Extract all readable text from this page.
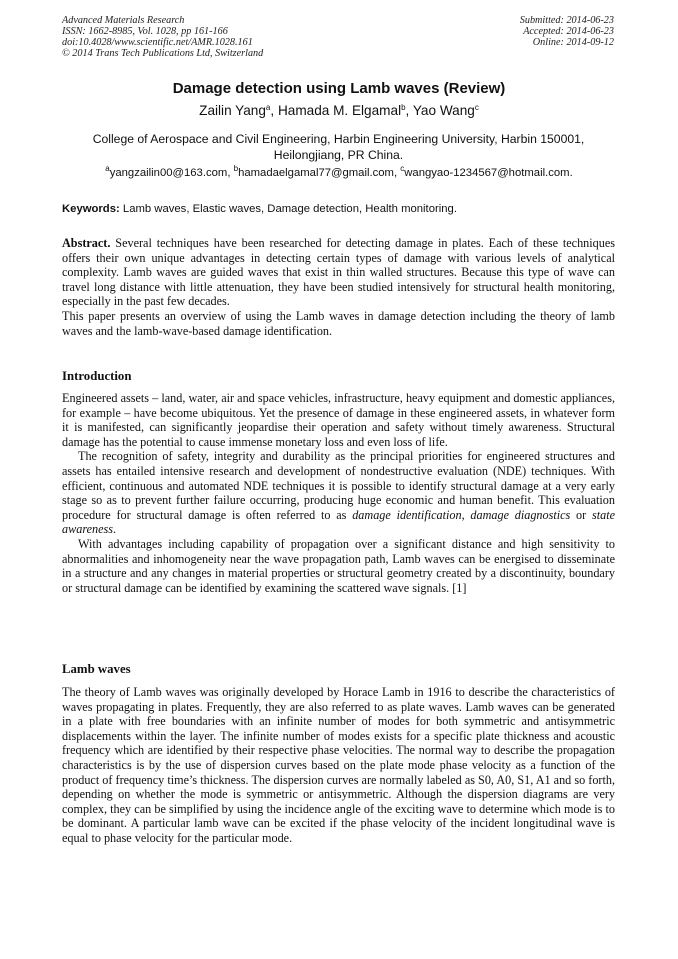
Advanced Materials Research
ISSN: 1662-8985, Vol. 1028, pp 161-166
doi:10.4028/www.scientific.net/AMR.1028.161
© 2014 Trans Tech Publications Ltd, Switzerland
Submitted: 2014-06-23
Accepted: 2014-06-23
Online: 2014-09-12
Damage detection using Lamb waves (Review)
Zailin Yang$^a$, Hamada M. Elgamal$^b$, Yao Wang$^c$
College of Aerospace and Civil Engineering, Harbin Engineering University, Harbin 150001, Heilongjiang, PR China.
$^a$yangzailin00@163.com, $^b$hamadaelgamal77@gmail.com, $^c$wangyao-1234567@hotmail.com.
Keywords: Lamb waves, Elastic waves, Damage detection, Health monitoring.

Abstract. Several techniques have been researched for detecting damage in plates. Each of these techniques offers their own unique advantages in detecting certain types of damage with various levels of analytical complexity. Lamb waves are guided waves that exist in thin walled structures. Because this type of wave can travel long distance with little attenuation, they have been studied intensively for structural health monitoring, especially in the past few decades.

This paper presents an overview of using the Lamb waves in damage detection including the theory of lamb waves and the lamb-wave-based damage identification.

Introduction

Engineered assets – land, water, air and space vehicles, infrastructure, heavy equipment and domestic appliances, for example – have become ubiquitous. Yet the presence of damage in these engineered assets, in whatever form it is manifested, can significantly jeopardise their operation and safety without timely awareness. Structural damage has the potential to cause immense monetary loss and even loss of life.

The recognition of safety, integrity and durability as the principal priorities for engineered structures and assets has entailed intensive research and development of nondestructive evaluation (NDE) techniques. With efficient, continuous and automated NDE techniques it is possible to identify structural damage at a very early stage so as to prevent further failure occurring, producing huge economic and human benefit. This evaluation procedure for structural damage is often referred to as damage identification, damage diagnostics or state awareness.

With advantages including capability of propagation over a significant distance and high sensitivity to abnormalities and inhomogeneity near the wave propagation path, Lamb waves can be energised to disseminate in a structure and any changes in material properties or structural geometry created by a discontinuity, boundary or structural damage can be identified by examining the scattered wave signals. [1]

Lamb waves

The theory of Lamb waves was originally developed by Horace Lamb in 1916 to describe the characteristics of waves propagating in plates. Frequently, they are also referred to as plate waves. Lamb waves can be generated in a plate with free boundaries with an infinite number of modes for both symmetric and antisymmetric displacements within the layer. The infinite number of modes exists for a specific plate thickness and acoustic frequency which are identified by their respective phase velocities. The normal way to describe the propagation characteristics is by the use of dispersion curves based on the plate mode phase velocity as a function of the product of frequency time’s thickness. The dispersion curves are normally labeled as S0, A0, S1, A1 and so forth, depending on whether the mode is symmetric or antisymmetric. Although the dispersion diagrams are very complex, they can be simplified by using the incidence angle of the exciting wave to determine which mode is to be dominant. A particular lamb wave can be excited if the phase velocity of the incident longitudinal wave is equal to phase velocity for the particular mode.
